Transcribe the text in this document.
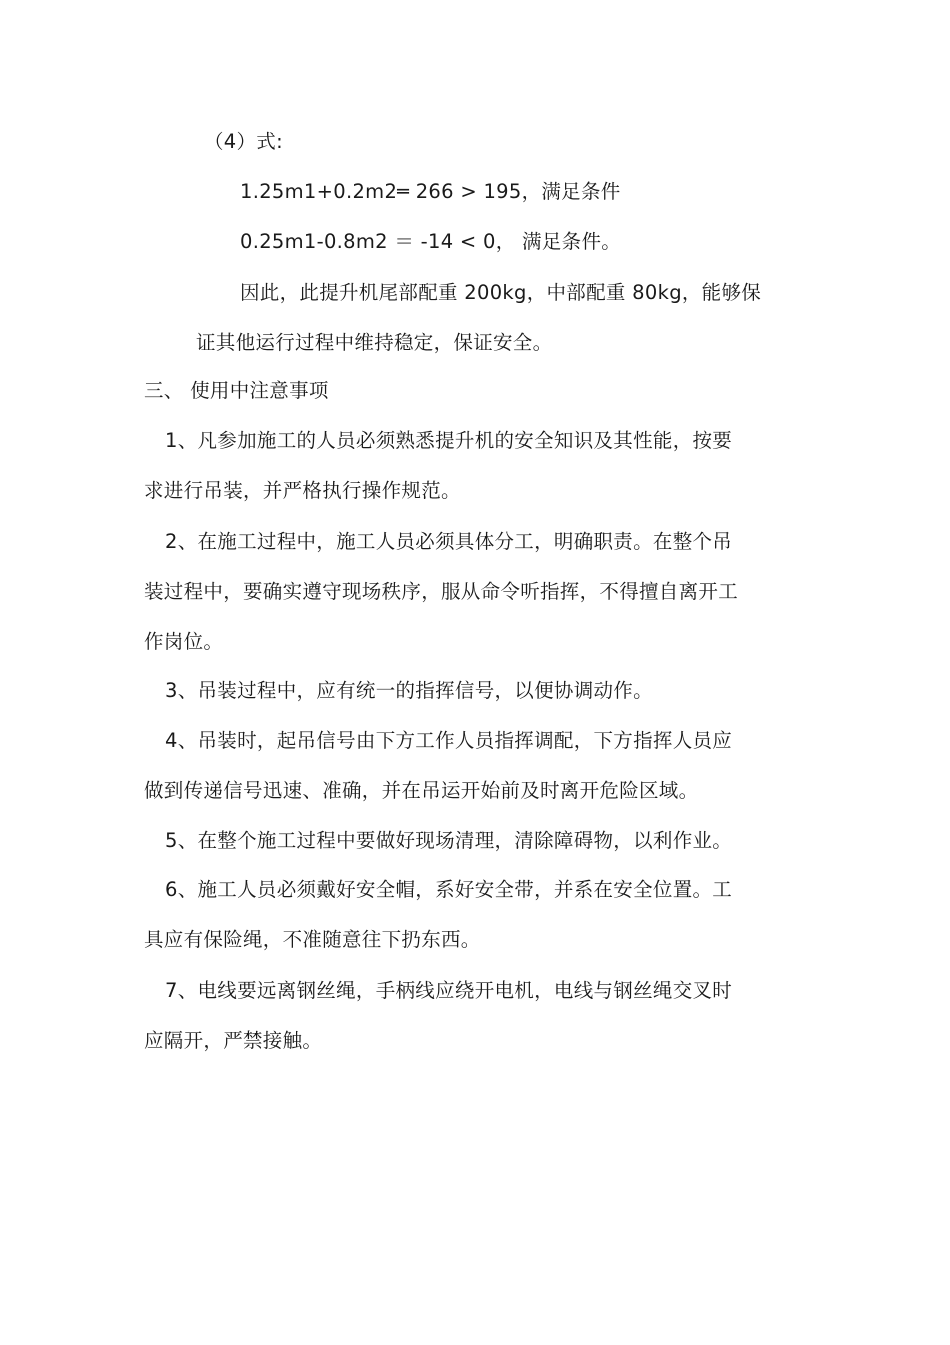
（4）式:
1.25m1+0.2m2═ 266 > 195，满足条件
0.25m1-0.8m2 ＝ -14 < 0， 满足条件。
因此，此提升机尾部配重 200kg，中部配重 80kg，能够保
证其他运行过程中维持稳定，保证安全。
三、 使用中注意事项
1、凡参加施工的人员必须熟悉提升机的安全知识及其性能，按要
求进行吊装，并严格执行操作规范。
2、在施工过程中，施工人员必须具体分工，明确职责。在整个吊
装过程中，要确实遵守现场秩序，服从命令听指挥，不得擅自离开工
作岗位。
3、吊装过程中，应有统一的指挥信号，以便协调动作。
4、吊装时，起吊信号由下方工作人员指挥调配，下方指挥人员应
做到传递信号迅速、准确，并在吊运开始前及时离开危险区域。
5、在整个施工过程中要做好现场清理，清除障碍物，以利作业。
6、施工人员必须戴好安全帽，系好安全带，并系在安全位置。工
具应有保险绳，不准随意往下扔东西。
7、电线要远离钢丝绳，手柄线应绕开电机，电线与钢丝绳交叉时
应隔开，严禁接触。
